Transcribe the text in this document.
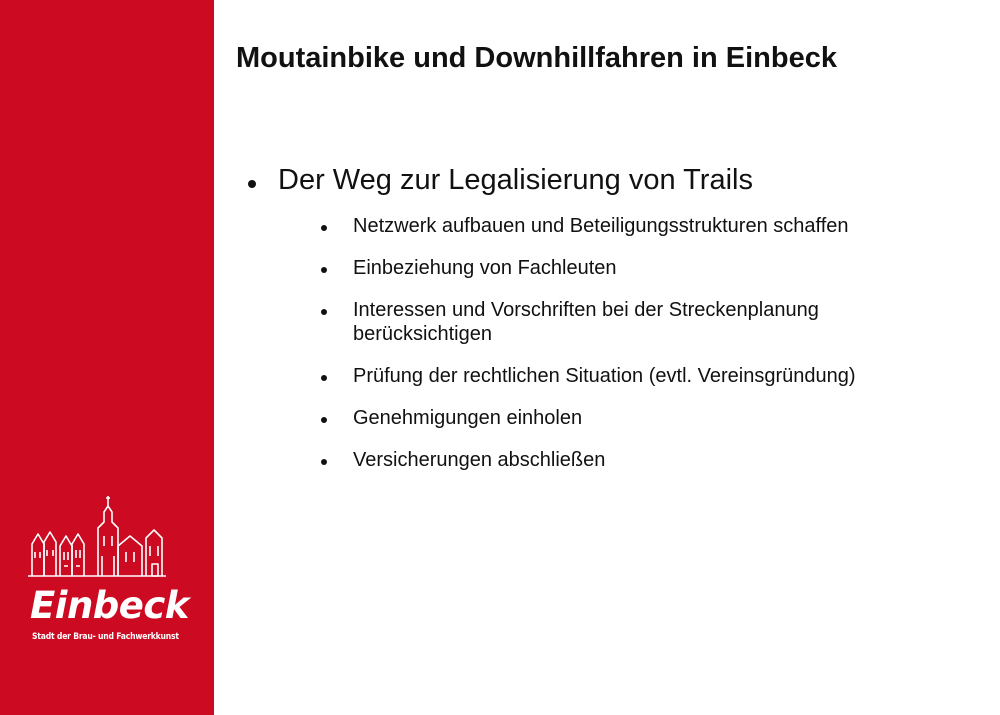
Einbeck
Stadt der Brau- und Fachwerkkunst
Moutainbike und Downhillfahren in Einbeck
Der Weg zur Legalisierung von Trails
Netzwerk aufbauen und Beteiligungsstrukturen schaffen
Einbeziehung von Fachleuten
Interessen und Vorschriften bei der Streckenplanung berücksichtigen
Prüfung der rechtlichen Situation (evtl. Vereinsgründung)
Genehmigungen einholen
Versicherungen abschließen
